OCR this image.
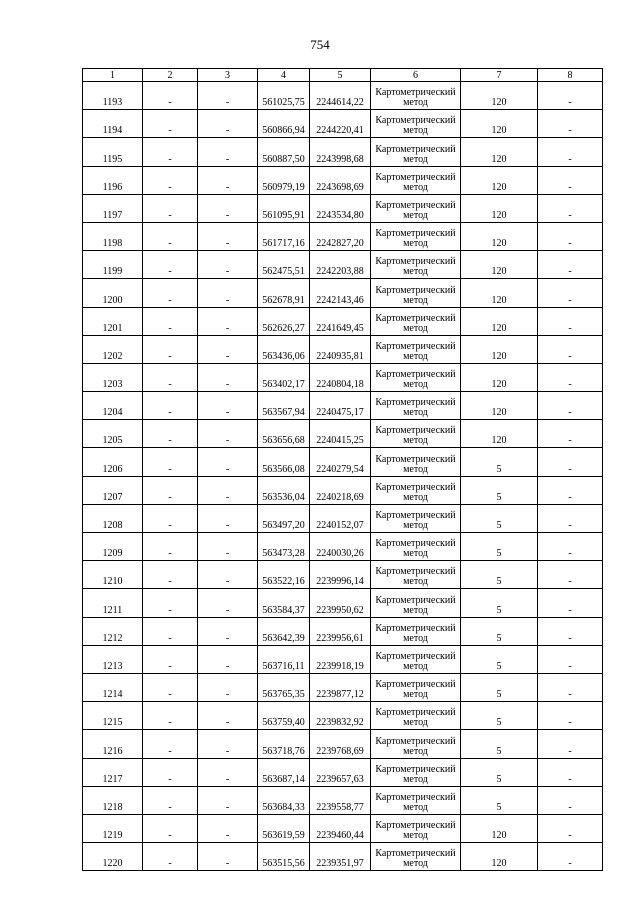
754
1	2	3	4	5	6	7	8
1193	-	-	561025,75	2244614,22	Картометрический метод	120	-
1194	-	-	560866,94	2244220,41	Картометрический метод	120	-
1195	-	-	560887,50	2243998,68	Картометрический метод	120	-
1196	-	-	560979,19	2243698,69	Картометрический метод	120	-
1197	-	-	561095,91	2243534,80	Картометрический метод	120	-
1198	-	-	561717,16	2242827,20	Картометрический метод	120	-
1199	-	-	562475,51	2242203,88	Картометрический метод	120	-
1200	-	-	562678,91	2242143,46	Картометрический метод	120	-
1201	-	-	562626,27	2241649,45	Картометрический метод	120	-
1202	-	-	563436,06	2240935,81	Картометрический метод	120	-
1203	-	-	563402,17	2240804,18	Картометрический метод	120	-
1204	-	-	563567,94	2240475,17	Картометрический метод	120	-
1205	-	-	563656,68	2240415,25	Картометрический метод	120	-
1206	-	-	563566,08	2240279,54	Картометрический метод	5	-
1207	-	-	563536,04	2240218,69	Картометрический метод	5	-
1208	-	-	563497,20	2240152,07	Картометрический метод	5	-
1209	-	-	563473,28	2240030,26	Картометрический метод	5	-
1210	-	-	563522,16	2239996,14	Картометрический метод	5	-
1211	-	-	563584,37	2239950,62	Картометрический метод	5	-
1212	-	-	563642,39	2239956,61	Картометрический метод	5	-
1213	-	-	563716,11	2239918,19	Картометрический метод	5	-
1214	-	-	563765,35	2239877,12	Картометрический метод	5	-
1215	-	-	563759,40	2239832,92	Картометрический метод	5	-
1216	-	-	563718,76	2239768,69	Картометрический метод	5	-
1217	-	-	563687,14	2239657,63	Картометрический метод	5	-
1218	-	-	563684,33	2239558,77	Картометрический метод	5	-
1219	-	-	563619,59	2239460,44	Картометрический метод	120	-
1220	-	-	563515,56	2239351,97	Картометрический метод	120	-
